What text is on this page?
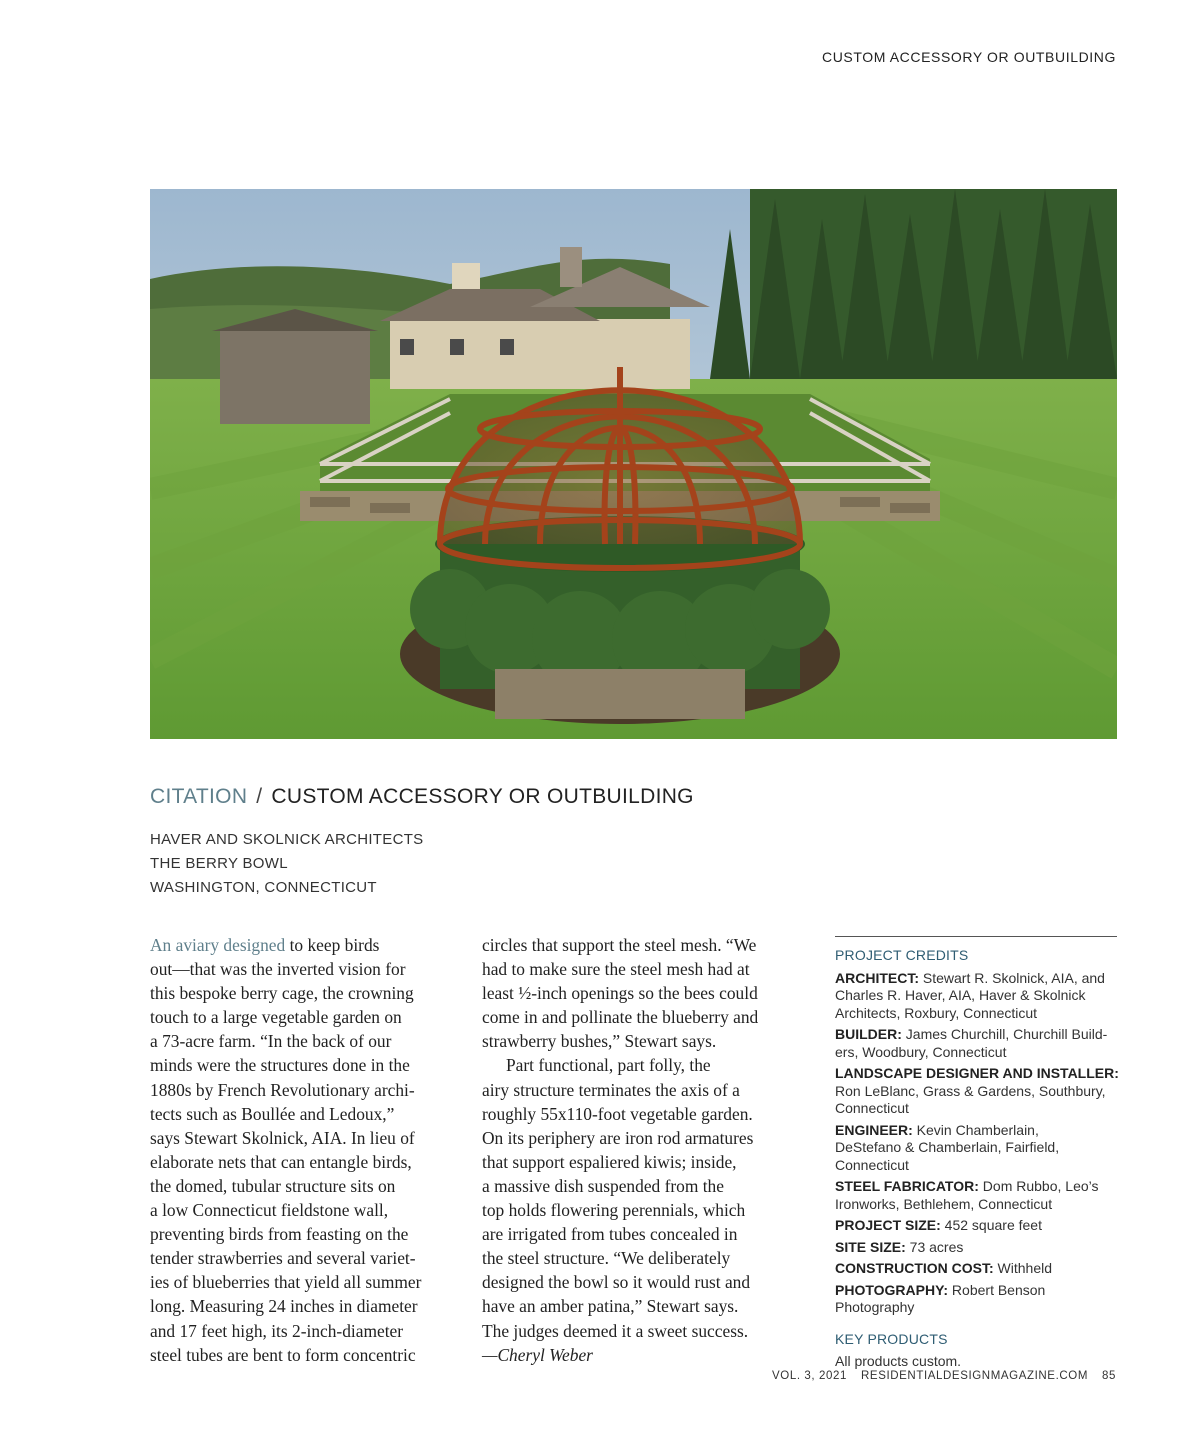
CUSTOM ACCESSORY OR OUTBUILDING
CITATION / CUSTOM ACCESSORY OR OUTBUILDING
HAVER AND SKOLNICK ARCHITECTS
THE BERRY BOWL
WASHINGTON, CONNECTICUT
An aviary designed to keep birds
out—that was the inverted vision for
this bespoke berry cage, the crowning
touch to a large vegetable garden on
a 73-acre farm. “In the back of our
minds were the structures done in the
1880s by French Revolutionary archi-
tects such as Boullée and Ledoux,”
says Stewart Skolnick, AIA. In lieu of
elaborate nets that can entangle birds,
the domed, tubular structure sits on
a low Connecticut fieldstone wall,
preventing birds from feasting on the
tender strawberries and several variet-
ies of blueberries that yield all summer
long. Measuring 24 inches in diameter
and 17 feet high, its 2-inch-diameter
steel tubes are bent to form concentric
circles that support the steel mesh. “We
had to make sure the steel mesh had at
least ½-inch openings so the bees could
come in and pollinate the blueberry and
strawberry bushes,” Stewart says.
Part functional, part folly, the
airy structure terminates the axis of a
roughly 55x110-foot vegetable garden.
On its periphery are iron rod armatures
that support espaliered kiwis; inside,
a massive dish suspended from the
top holds flowering perennials, which
are irrigated from tubes concealed in
the steel structure. “We deliberately
designed the bowl so it would rust and
have an amber patina,” Stewart says.
The judges deemed it a sweet success.
—Cheryl Weber
PROJECT CREDITS
ARCHITECT: Stewart R. Skolnick, AIA, and
Charles R. Haver, AIA, Haver & Skolnick
Architects, Roxbury, Connecticut
BUILDER: James Churchill, Churchill Build-
ers, Woodbury, Connecticut
LANDSCAPE DESIGNER AND INSTALLER:
Ron LeBlanc, Grass & Gardens, Southbury,
Connecticut
ENGINEER: Kevin Chamberlain,
DeStefano & Chamberlain, Fairfield,
Connecticut
STEEL FABRICATOR: Dom Rubbo, Leo’s
Ironworks, Bethlehem, Connecticut
PROJECT SIZE: 452 square feet
SITE SIZE: 73 acres
CONSTRUCTION COST: Withheld
PHOTOGRAPHY: Robert Benson
Photography
KEY PRODUCTS
All products custom.
VOL. 3, 2021 RESIDENTIALDESIGNMAGAZINE.COM 85
